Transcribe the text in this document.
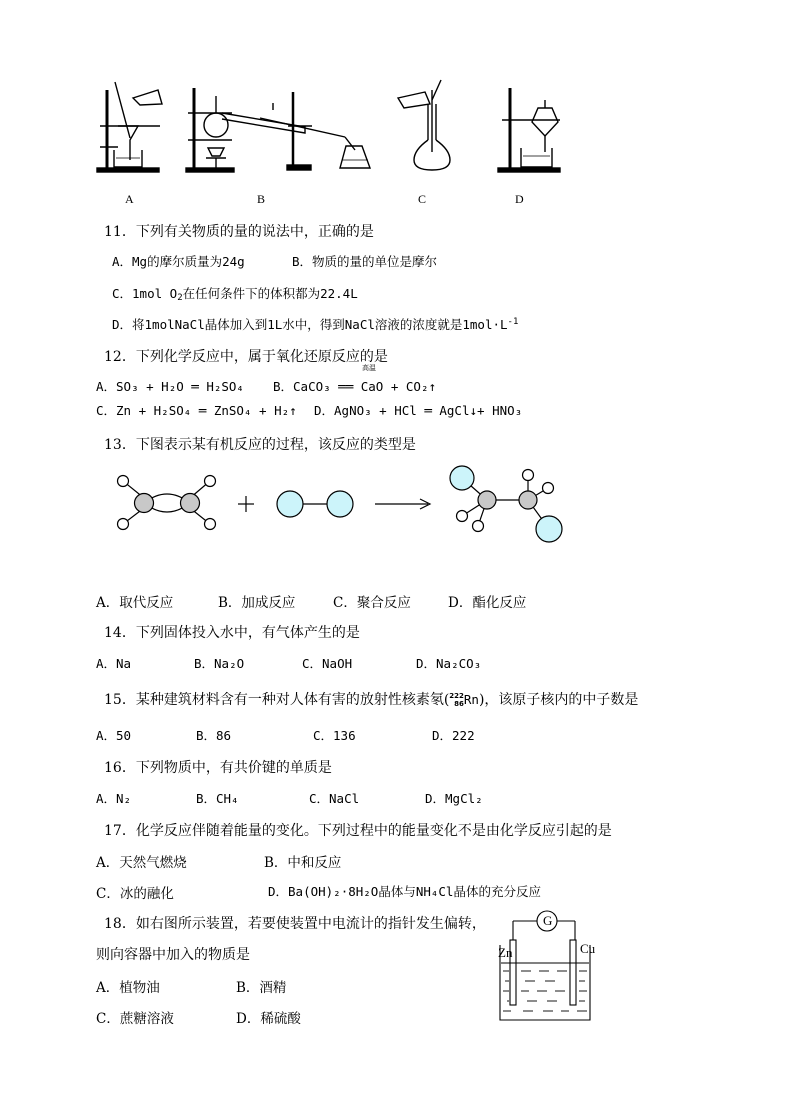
A	B	C	D
11．下列有关物质的量的说法中，正确的是
A．Mg的摩尔质量为24g	B．物质的量的单位是摩尔
C．1mol $O_2$在任何条件下的体积都为22.4L
D．将1molNaCl晶体加入到1L水中，得到NaCl溶液的浓度就是$1mol\cdot L^{-1}$
12．下列化学反应中，属于氧化还原反应的是
高温
A．SO₃ + H₂O ═ H₂SO₄ B．CaCO₃ ══ CaO + CO₂↑
C．Zn + H₂SO₄ ═ ZnSO₄ + H₂↑ D．AgNO₃ + HCl ═ AgCl↓+ HNO₃
13．下图表示某有机反应的过程，该反应的类型是
A．取代反应	B．加成反应	C．聚合反应	D．酯化反应
14．下列固体投入水中，有气体产生的是
A．Na	B．Na₂O	C．NaOH	D．Na₂CO₃
15．某种建筑材料含有一种对人体有害的放射性核素氡(222
86Rn)，该原子核内的中子数是
A．50	B．86	C．136	D．222
16．下列物质中，有共价键的单质是
A．N₂	B．CH₄	C．NaCl	D．MgCl₂
17．化学反应伴随着能量的变化。下列过程中的能量变化不是由化学反应引起的是
A．天然气燃烧	B．中和反应
C．冰的融化	D．Ba(OH)₂·8H₂O晶体与NH₄Cl晶体的充分反应
18．如右图所示装置，若要使装置中电流计的指针发生偏转，
则向容器中加入的物质是
A．植物油	B．酒精
C．蔗糖溶液	D．稀硫酸
G
Zn	Cu
